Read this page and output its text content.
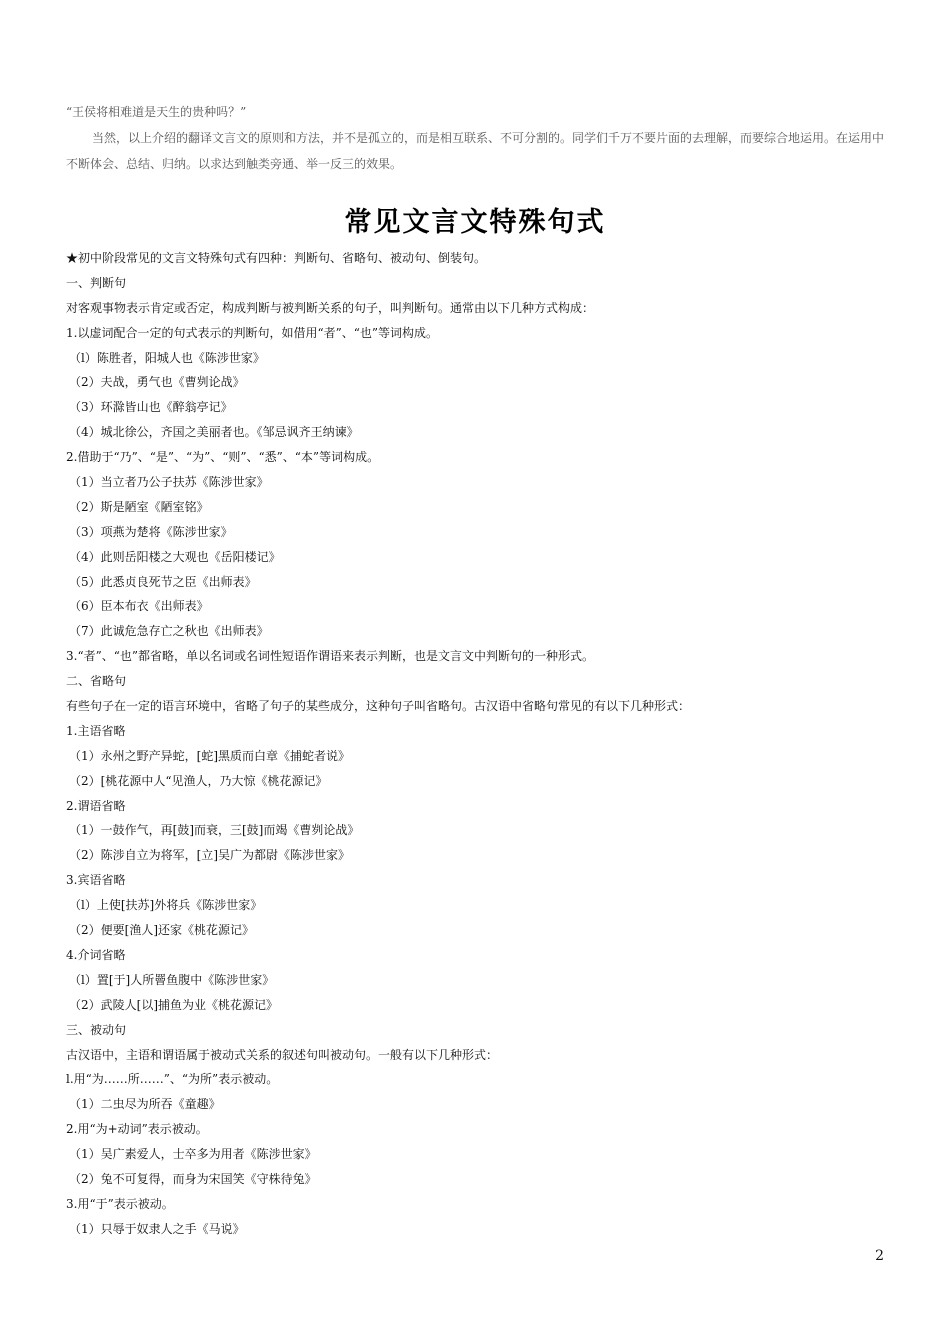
“王侯将相难道是天生的贵种吗？”

当然，以上介绍的翻译文言文的原则和方法，并不是孤立的，而是相互联系、不可分割的。同学们千万不要片面的去理解，而要综合地运用。在运用中不断体会、总结、归纳。以求达到触类旁通、举一反三的效果。

常见文言文特殊句式
★初中阶段常见的文言文特殊句式有四种：判断句、省略句、被动句、倒装句。
一、判断句
对客观事物表示肯定或否定，构成判断与被判断关系的句子，叫判断句。通常由以下几种方式构成：
1.以虚词配合一定的句式表示的判断句，如借用“者”、“也”等词构成。
（l）陈胜者，阳城人也《陈涉世家》
（2）夫战，勇气也《曹刿论战》
（3）环滁皆山也《醉翁亭记》
（4）城北徐公，齐国之美丽者也。《邹忌讽齐王纳谏》
2.借助于“乃”、“是”、“为”、“则”、“悉”、“本”等词构成。
（1）当立者乃公子扶苏《陈涉世家》
（2）斯是陋室《陋室铭》
（3）项燕为楚将《陈涉世家》
（4）此则岳阳楼之大观也《岳阳楼记》
（5）此悉贞良死节之臣《出师表》
（6）臣本布衣《出师表》
（7）此诚危急存亡之秋也《出师表》
3.“者”、“也”都省略，单以名词或名词性短语作谓语来表示判断，也是文言文中判断句的一种形式。
二、省略句
有些句子在一定的语言环境中，省略了句子的某些成分，这种句子叫省略句。古汉语中省略句常见的有以下几种形式：
1.主语省略
（1）永州之野产异蛇，[蛇]黑质而白章《捕蛇者说》
（2）[桃花源中人“见渔人，乃大惊《桃花源记》
2.谓语省略
（1）一鼓作气，再[鼓]而衰，三[鼓]而竭《曹刿论战》
（2）陈涉自立为将军，[立]吴广为都尉《陈涉世家》
3.宾语省略
（l）上使[扶苏]外将兵《陈涉世家》
（2）便要[渔人]还家《桃花源记》
4.介词省略
（l）置[于]人所罾鱼腹中《陈涉世家》
（2）武陵人[以]捕鱼为业《桃花源记》
三、被动句
古汉语中，主语和谓语属于被动式关系的叙述句叫被动句。一般有以下几种形式：
l.用“为……所……”、“为所”表示被动。
（1）二虫尽为所吞《童趣》
2.用“为+动词”表示被动。
（1）吴广素爱人，士卒多为用者《陈涉世家》
（2）兔不可复得，而身为宋国笑《守株待兔》
3.用“于”表示被动。
（1）只辱于奴隶人之手《马说》
2
